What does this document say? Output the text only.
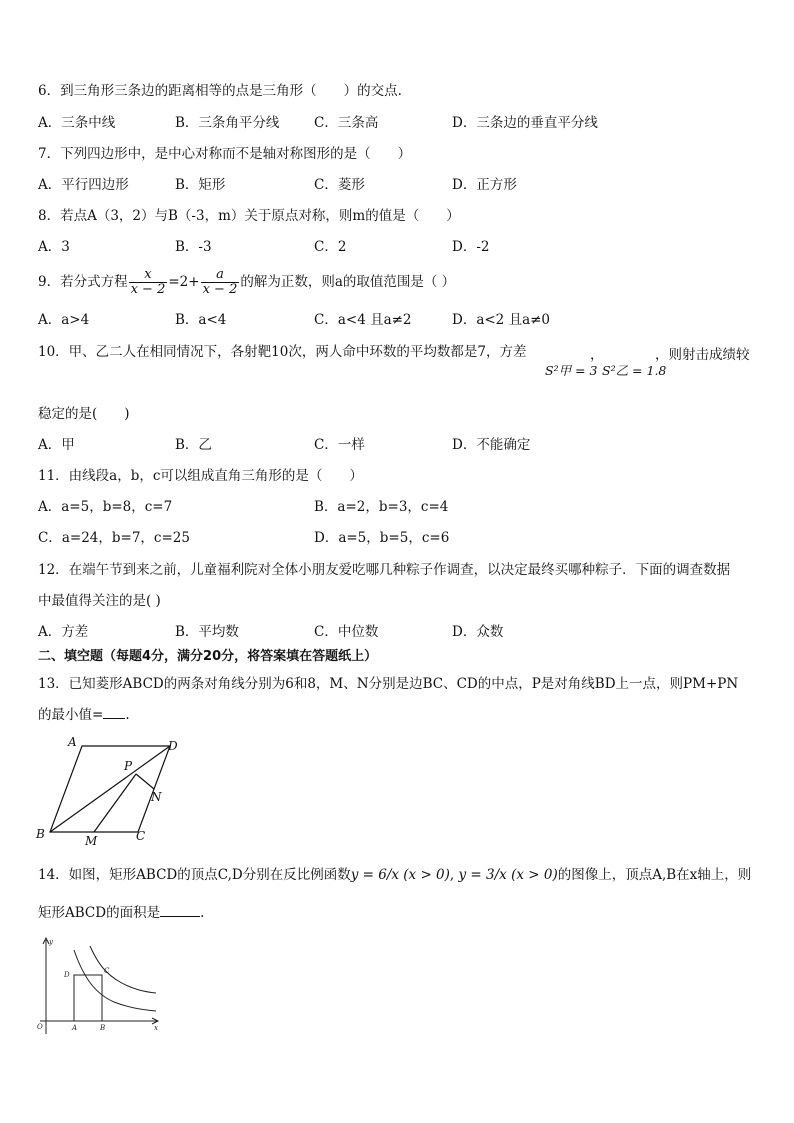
6．到三角形三条边的距离相等的点是三角形（　　）的交点.
A．三条中线	B．三条角平分线	C．三条高	D．三条边的垂直平分线
7．下列四边形中，是中心对称而不是轴对称图形的是（　　）
A．平行四边形	B．矩形	C．菱形	D．正方形
8．若点A（3，2）与B（-3，m）关于原点对称，则m的值是（　　）
A．3	B．-3	C．2	D．-2
9．若分式方程 $\frac{x}{x - 2} =2+ \frac{a}{x - 2}$ 的解为正数，则a的取值范围是（ ）
A．a>4	B．a<4	C．a<4 且a≠2	D．a<2 且a≠0
10．甲、乙二人在相同情况下，各射靶10次，两人命中环数的平均数都是7，方差	，	，则射击成绩较
S²甲 = 3 S²乙 = 1.8
稳定的是(　　)
A．甲	B．乙	C．一样	D．不能确定
11．由线段a，b，c可以组成直角三角形的是（　　）
A．a=5，b=8，c=7	B．a=2，b=3，c=4
C．a=24，b=7，c=25	D．a=5，b=5，c=6
12．在端午节到来之前，儿童福利院对全体小朋友爱吃哪几种粽子作调查，以决定最终买哪种粽子．下面的调查数据
中最值得关注的是( )
A．方差	B．平均数	C．中位数	D．众数
二、填空题（每题4分，满分20分，将答案填在答题纸上）
13．已知菱形ABCD的两条对角线分别为6和8，M、N分别是边BC、CD的中点，P是对角线BD上一点，则PM+PN
的最小值= .
A	D
P
N
B	M	C
14．如图，矩形ABCD的顶点C,D分别在反比例函数y = 6/x (x > 0), y = 3/x (x > 0)的图像上，顶点A,B在x轴上，则
矩形ABCD的面积是	.
y
x
O	A	B
C
D
